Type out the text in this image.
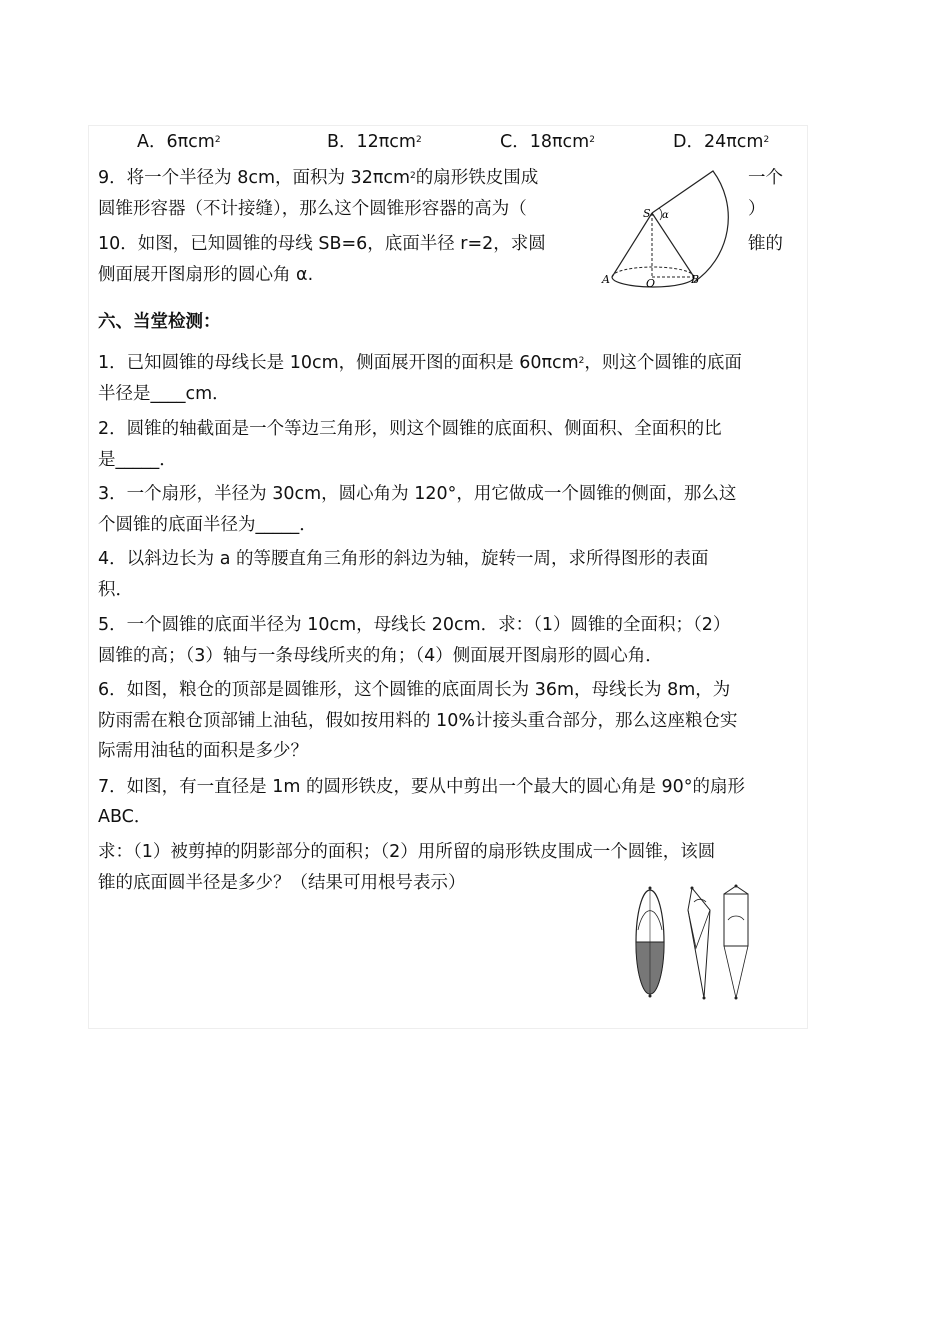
A．6πcm$^2$	B．12πcm$^2$	C．18πcm$^2$	D．24πcm$^2$
9．将一个半径为 8cm，面积为 32πcm$^2$的扇形铁皮围成	一个
圆锥形容器（不计接缝），那么这个圆锥形容器的高为（	）
10．如图，已知圆锥的母线 SB=6，底面半径 r=2，求圆	锥的
侧面展开图扇形的圆心角 α.
S α
A	O	B
六、当堂检测：
1．已知圆锥的母线长是 10cm，侧面展开图的面积是 60πcm$^2$，则这个圆锥的底面
半径是____cm．
2．圆锥的轴截面是一个等边三角形，则这个圆锥的底面积、侧面积、全面积的比
是_____．
3．一个扇形，半径为 30cm，圆心角为 120°，用它做成一个圆锥的侧面，那么这
个圆锥的底面半径为_____．
4．以斜边长为 a 的等腰直角三角形的斜边为轴，旋转一周，求所得图形的表面
积．
5．一个圆锥的底面半径为 10cm，母线长 20cm．求：（1）圆锥的全面积；（2）
圆锥的高；（3）轴与一条母线所夹的角；（4）侧面展开图扇形的圆心角．
6．如图，粮仓的顶部是圆锥形，这个圆锥的底面周长为 36m，母线长为 8m，为
防雨需在粮仓顶部铺上油毡，假如按用料的 10%计接头重合部分，那么这座粮仓实
际需用油毡的面积是多少？
7．如图，有一直径是 1m 的圆形铁皮，要从中剪出一个最大的圆心角是 90°的扇形
ABC．
求：（1）被剪掉的阴影部分的面积；（2）用所留的扇形铁皮围成一个圆锥，该圆
锥的底面圆半径是多少？（结果可用根号表示）
